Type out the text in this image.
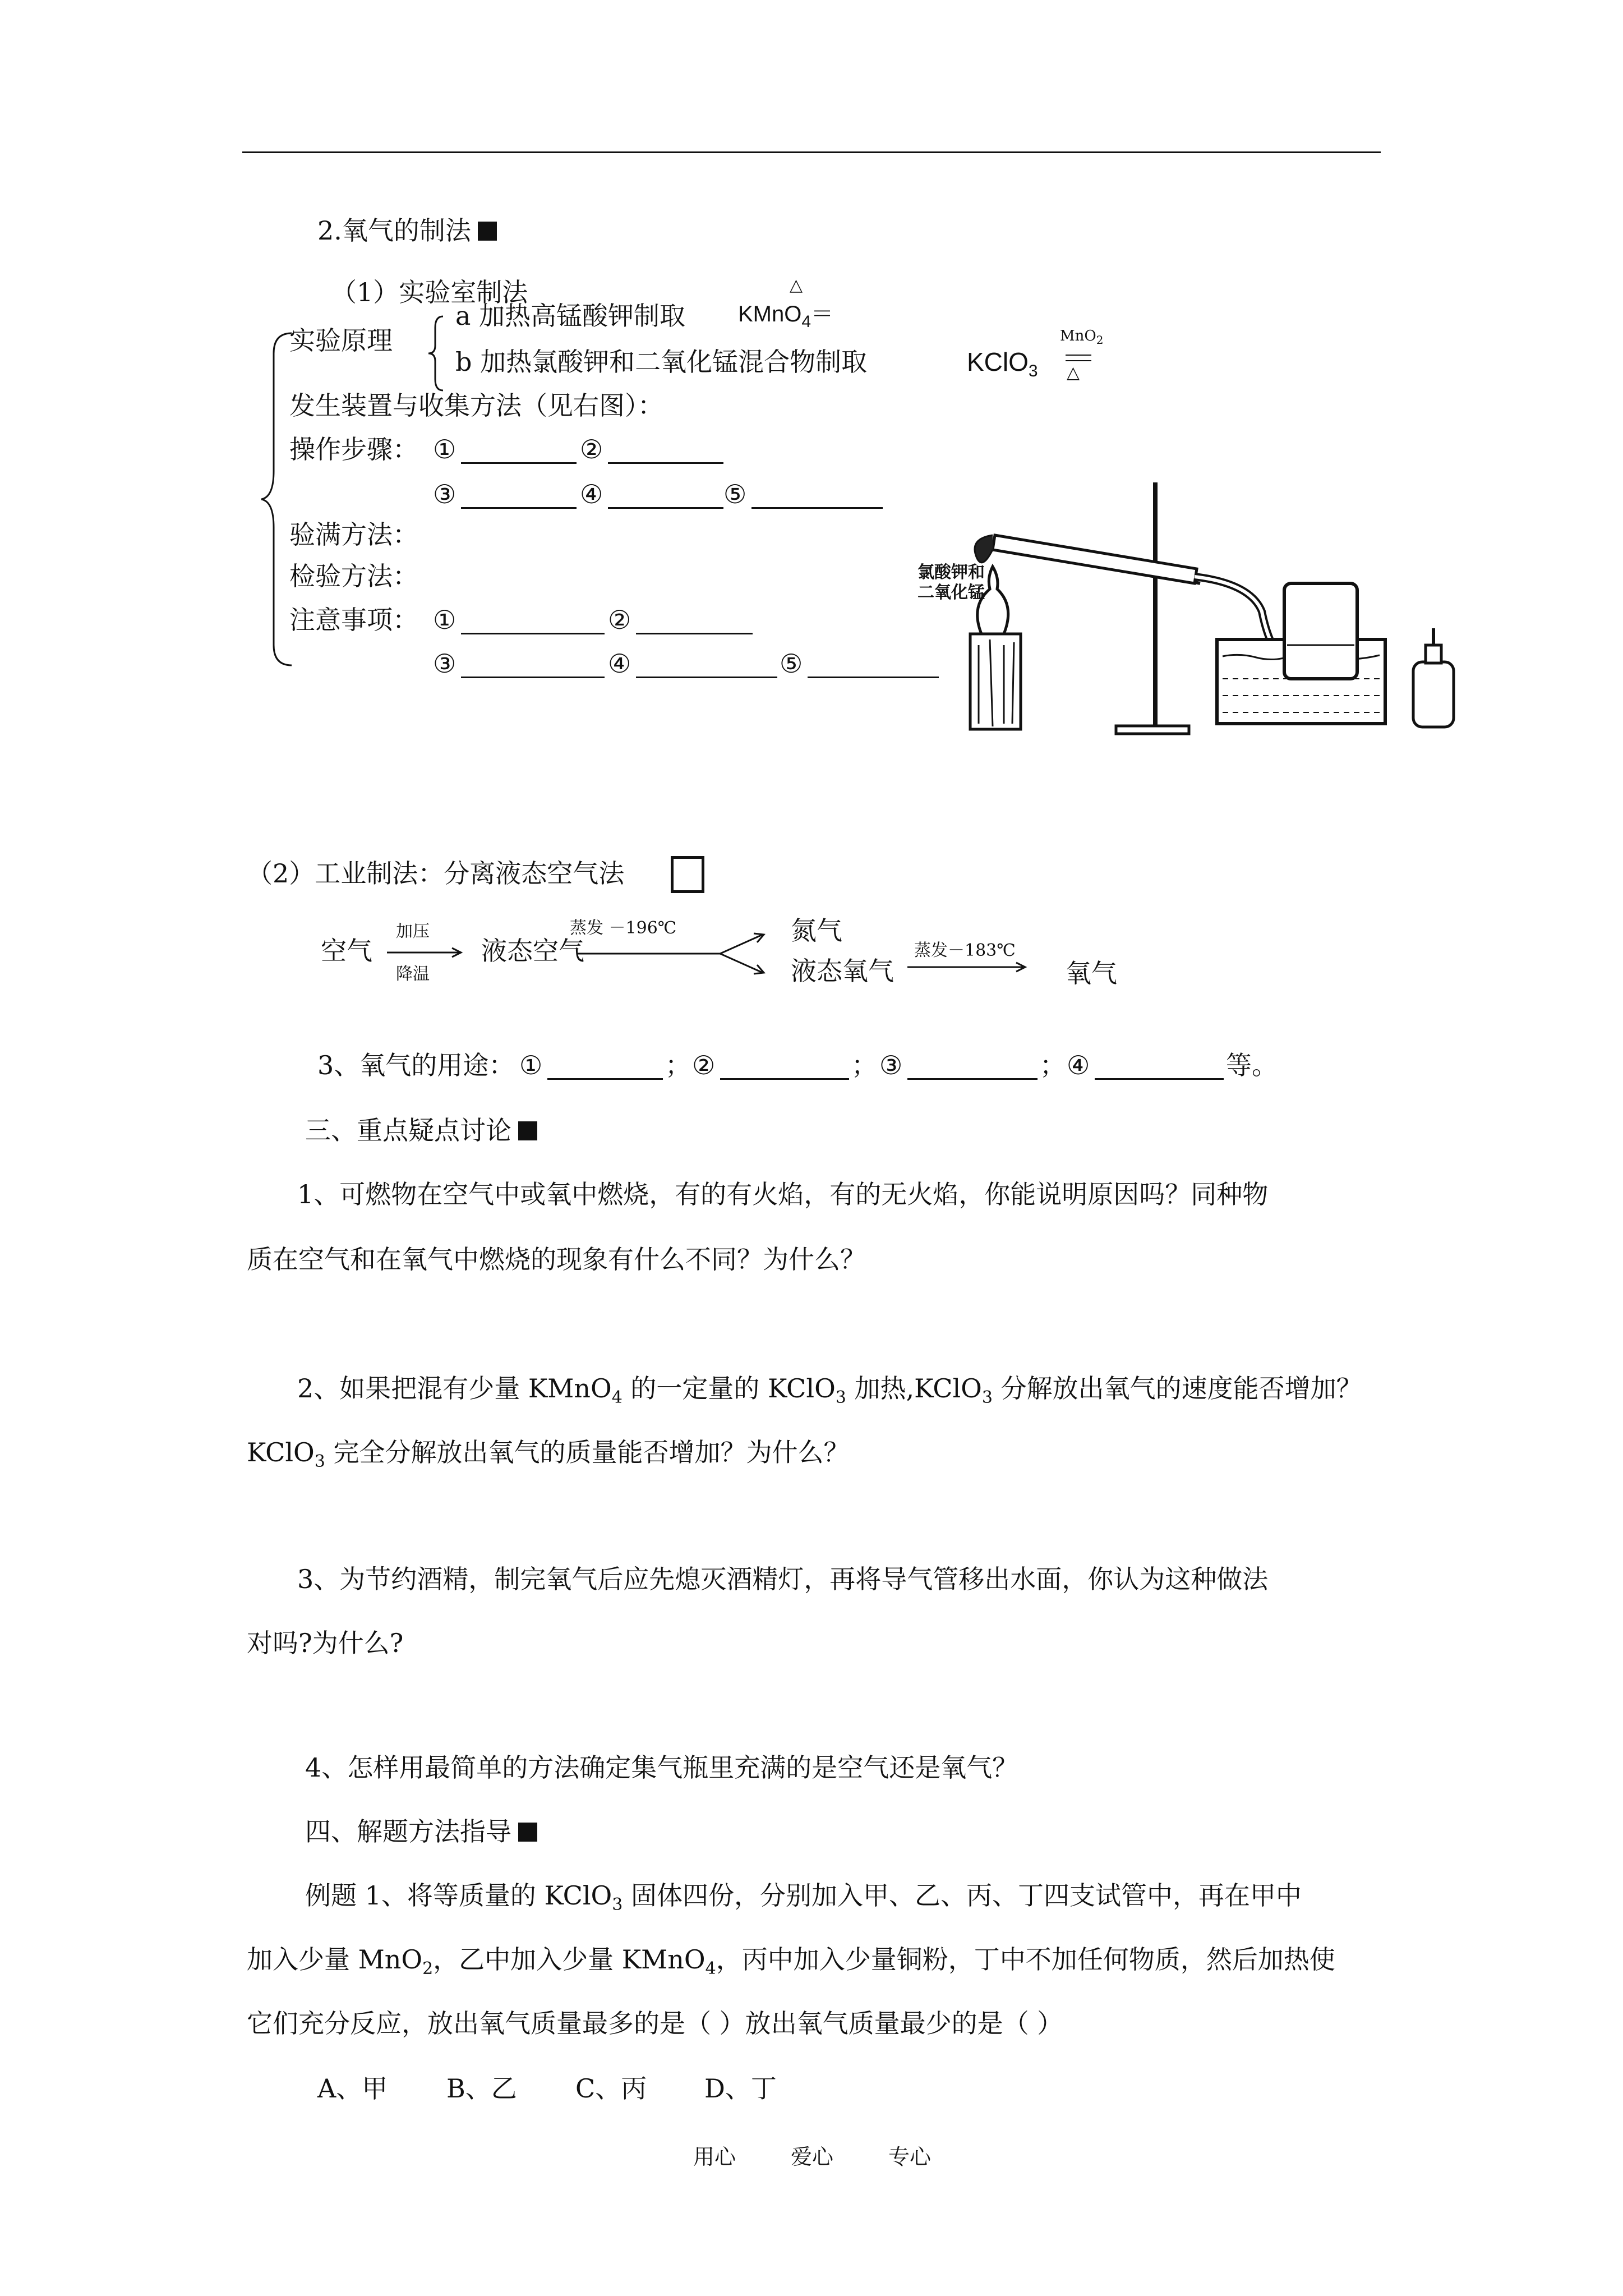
2.氧气的制法
（1）实验室制法
实验原理
a 加热高锰酸钾制取 KMnO$_4$＝
△
b 加热氯酸钾和二氧化锰混合物制取	KClO$_3$
MnO$_2$
△
发生装置与收集方法（见右图）：
操作步骤： ①	②
③	④	⑤
验满方法：
检验方法：
注意事项： ①	②
③	④	⑤
氯酸钾和
二氧化锰
（2）工业制法：分离液态空气法
空气
加压
降温
液态空气
蒸发 －196℃	氮气
液态氧气
蒸发－183℃
氧气
3、氧气的用途： ①	； ②	； ③	； ④	等。
三、重点疑点讨论
1、可燃物在空气中或氧中燃烧，有的有火焰，有的无火焰，你能说明原因吗？同种物
质在空气和在氧气中燃烧的现象有什么不同？为什么？
2、如果把混有少量 KMnO$_4$ 的一定量的 KClO$_3$ 加热,KClO$_3$ 分解放出氧气的速度能否增加？
KClO$_3$ 完全分解放出氧气的质量能否增加？为什么？
3、为节约酒精，制完氧气后应先熄灭酒精灯，再将导气管移出水面，你认为这种做法
对吗?为什么?
4、怎样用最简单的方法确定集气瓶里充满的是空气还是氧气？
四、解题方法指导
例题 1、将等质量的 KClO$_3$ 固体四份，分别加入甲、乙、丙、丁四支试管中，再在甲中
加入少量 MnO$_2$，乙中加入少量 KMnO$_4$，丙中加入少量铜粉，丁中不加任何物质，然后加热使
它们充分反应，放出氧气质量最多的是（ ）放出氧气质量最少的是（ ）
A、甲 B、乙 C、丙 D、丁
用心	爱心	专心
